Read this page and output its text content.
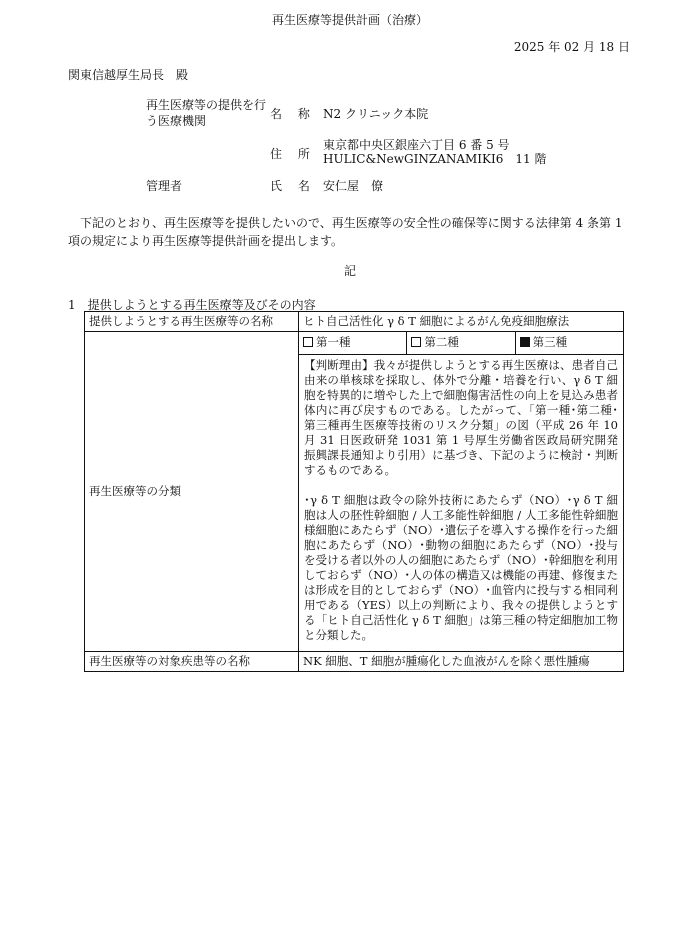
再生医療等提供計画（治療）
2025 年 02 月 18 日
関東信越厚生局長　殿
再生医療等の提供を行う医療機関	名 称 N2 クリニック本院
住 所
東京都中央区銀座六丁目 6 番 5 号
HULIC&NewGINZANAMIKI6　11 階
管理者	氏 名 安仁屋　僚
下記のとおり、再生医療等を提供したいので、再生医療等の安全性の確保等に関する法律第 4 条第 1 項の規定により再生医療等提供計画を提出します。
記
1　提供しようとする再生医療等及びその内容
提供しようとする再生医療等の名称	ヒト自己活性化 γ δ T 細胞によるがん免疫細胞療法
再生医療等の分類	第一種 第二種 第三種

【判断理由】我々が提供しようとする再生医療は、患者自己由来の単核球を採取し、体外で分離・培養を行い、γ δ T 細胞を特異的に増やした上で細胞傷害活性の向上を見込み患者体内に再び戻すものである。したがって、｢第一種･第二種･第三種再生医療等技術のリスク分類」の図（平成 26 年 10 月 31 日医政研発 1031 第 1 号厚生労働省医政局研究開発振興課長通知より引用）に基づき、下記のように検討・判断するものである。

･γ δ T 細胞は政令の除外技術にあたらず（NO）･γ δ T 細胞は人の胚性幹細胞 / 人工多能性幹細胞 / 人工多能性幹細胞様細胞にあたらず（NO）･遺伝子を導入する操作を行った細胞にあたらず（NO）･動物の細胞にあたらず（NO）･投与を受ける者以外の人の細胞にあたらず（NO）･幹細胞を利用しておらず（NO）･人の体の構造又は機能の再建、修復または形成を目的としておらず（NO）･血管内に投与する相同利用である（YES）以上の判断により、我々の提供しようとする「ヒト自己活性化 γ δ T 細胞」は第三種の特定細胞加工物と分類した。

再生医療等の対象疾患等の名称	NK 細胞、T 細胞が腫瘍化した血液がんを除く悪性腫瘍
